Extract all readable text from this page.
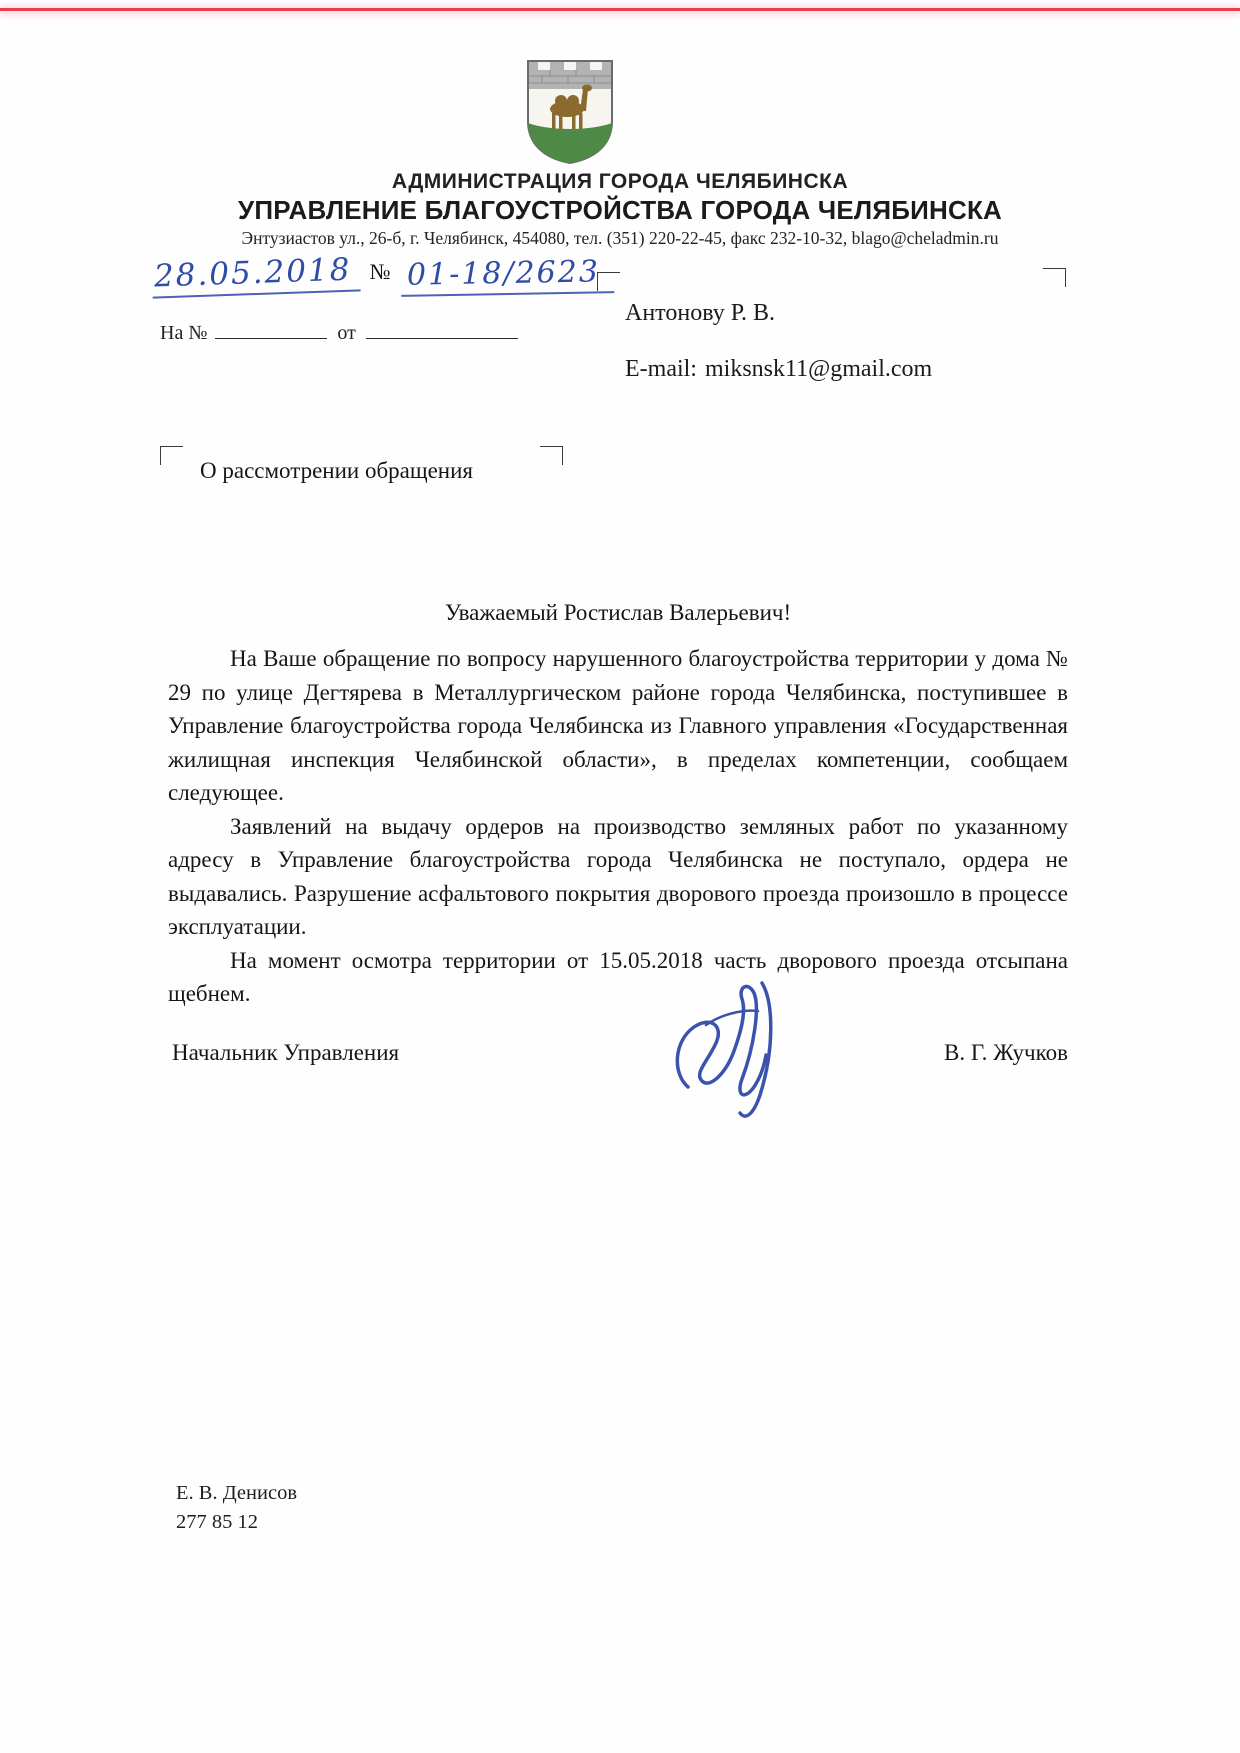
АДМИНИСТРАЦИЯ ГОРОДА ЧЕЛЯБИНСКА
УПРАВЛЕНИЕ БЛАГОУСТРОЙСТВА ГОРОДА ЧЕЛЯБИНСКА
Энтузиастов ул., 26-б, г. Челябинск, 454080, тел. (351) 220-22-45, факс 232-10-32, blago@cheladmin.ru
28.05.2018 № 01-18/2623
На №	от
Антонову Р. В.
E-mail: miksnsk11@gmail.com
О рассмотрении обращения
Уважаемый Ростислав Валерьевич!

На Ваше обращение по вопросу нарушенного благоустройства территории у дома № 29 по улице Дегтярева в Металлургическом районе города Челябинска, поступившее в Управление благоустройства города Челябинска из Главного управления «Государственная жилищная инспекция Челябинской области», в пределах компетенции, сообщаем следующее.

Заявлений на выдачу ордеров на производство земляных работ по указанному адресу в Управление благоустройства города Челябинска не поступало, ордера не выдавались. Разрушение асфальтового покрытия дворового проезда произошло в процессе эксплуатации.

На момент осмотра территории от 15.05.2018 часть дворового проезда отсыпана щебнем.

Начальник Управления	В. Г. Жучков
Е. В. Денисов
277 85 12
